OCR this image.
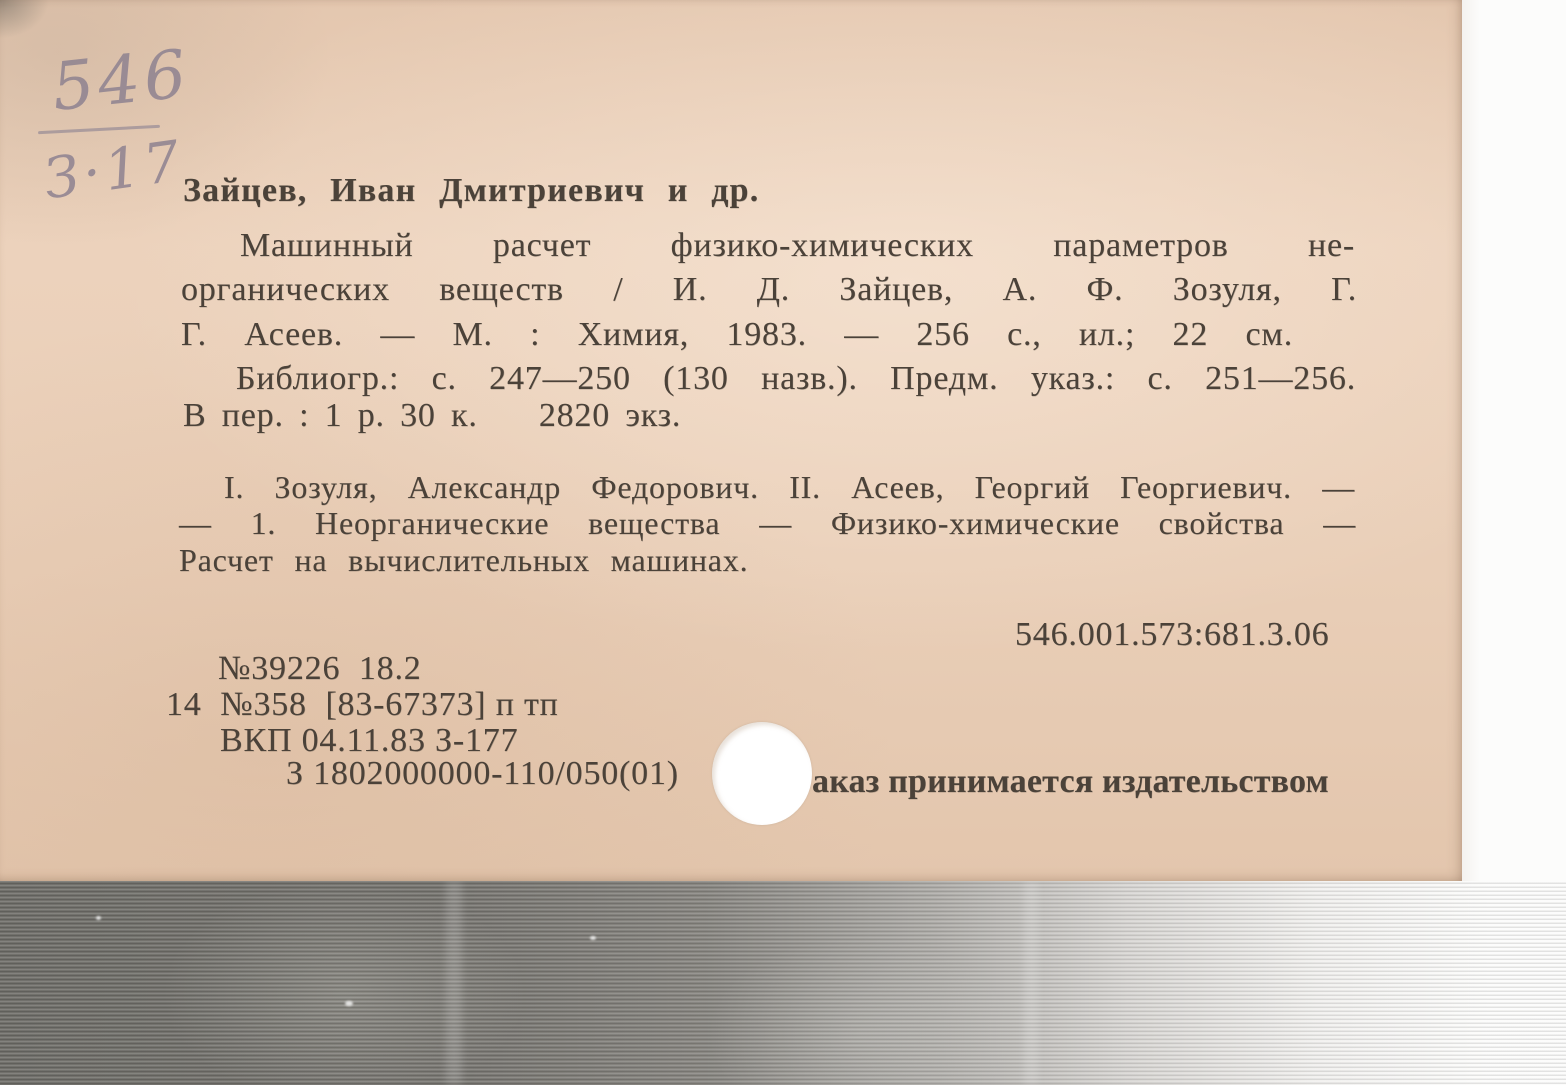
546
З·17
Зайцев, Иван Дмитриевич и др.
Машинный расчет физико-химических параметров не-
органических веществ / И. Д. Зайцев, А. Ф. Зозуля, Г.
Г. Асеев. — М. : Химия, 1983. — 256 с., ил.; 22 см.
Библиогр.: с. 247—250 (130 назв.). Предм. указ.: с. 251—256.
В пер. : 1 р. 30 к.    2820 экз.
I. Зозуля, Александр Федорович. II. Асеев, Георгий Георгиевич. —
— 1. Неорганические вещества — Физико-химические свойства —
Расчет на вычислительных машинах.
546.001.573:681.3.06
№39226  18.2
14  №358  [83-67373] п тп
ВКП 04.11.83 З-177
З 1802000000-110/050(01)	аказ принимается издательством
